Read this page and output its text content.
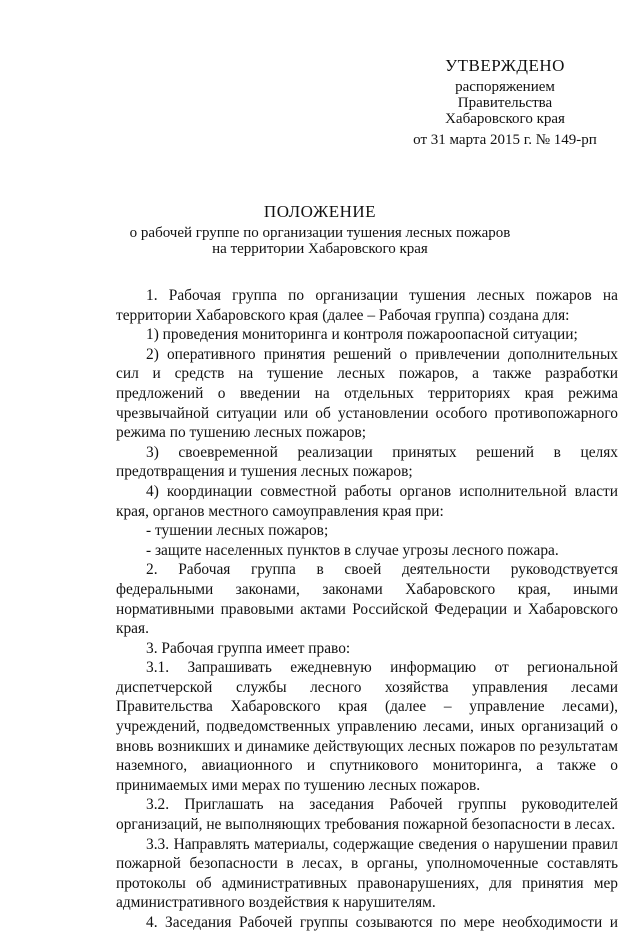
УТВЕРЖДЕНО
распоряжением
Правительства
Хабаровского края
от 31 марта 2015 г. № 149-рп
ПОЛОЖЕНИЕ
о рабочей группе по организации тушения лесных пожаров
на территории Хабаровского края

1. Рабочая группа по организации тушения лесных пожаров на территории Хабаровского края (далее – Рабочая группа) создана для:

1) проведения мониторинга и контроля пожароопасной ситуации;

2) оперативного принятия решений о привлечении дополнительных сил и средств на тушение лесных пожаров, а также разработки предложений о введении на отдельных территориях края режима чрезвычайной ситуации или об установлении особого противопожарного режима по тушению лесных пожаров;

3) своевременной реализации принятых решений в целях предотвращения и тушения лесных пожаров;

4) координации совместной работы органов исполнительной власти края, органов местного самоуправления края при:

- тушении лесных пожаров;

- защите населенных пунктов в случае угрозы лесного пожара.

2. Рабочая группа в своей деятельности руководствуется федеральными законами, законами Хабаровского края, иными нормативными правовыми актами Российской Федерации и Хабаровского края.

3. Рабочая группа имеет право:

3.1. Запрашивать ежедневную информацию от региональной диспетчерской службы лесного хозяйства управления лесами Правительства Хабаровского края (далее – управление лесами), учреждений, подведомственных управлению лесами, иных организаций о вновь возникших и динамике действующих лесных пожаров по результатам наземного, авиационного и спутникового мониторинга, а также о принимаемых ими мерах по тушению лесных пожаров.

3.2. Приглашать на заседания Рабочей группы руководителей организаций, не выполняющих требования пожарной безопасности в лесах.

3.3. Направлять материалы, содержащие сведения о нарушении правил пожарной безопасности в лесах, в органы, уполномоченные составлять протоколы об административных правонарушениях, для принятия мер административного воздействия к нарушителям.

4. Заседания Рабочей группы созываются по мере необходимости и
